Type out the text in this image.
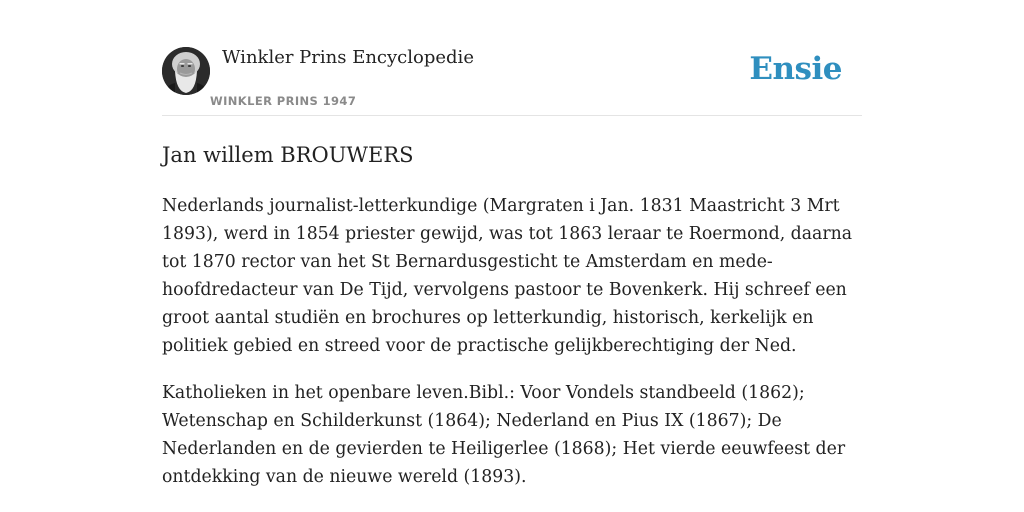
Winkler Prins Encyclopedie
WINKLER PRINS 1947
Ensie
Jan willem BROUWERS

Nederlands journalist-letterkundige (Margraten i Jan. 1831 Maastricht 3 Mrt 1893), werd in 1854 priester gewijd, was tot 1863 leraar te Roermond, daarna tot 1870 rector van het St Bernardusgesticht te Amsterdam en mede-hoofdredacteur van De Tijd, vervolgens pastoor te Bovenkerk. Hij schreef een groot aantal studiën en brochures op letterkundig, historisch, kerkelijk en politiek gebied en streed voor de practische gelijkberechtiging der Ned.

Katholieken in het openbare leven.Bibl.: Voor Vondels standbeeld (1862); Wetenschap en Schilderkunst (1864); Nederland en Pius IX (1867); De Nederlanden en de gevierden te Heiligerlee (1868); Het vierde eeuwfeest der ontdekking van de nieuwe wereld (1893).
